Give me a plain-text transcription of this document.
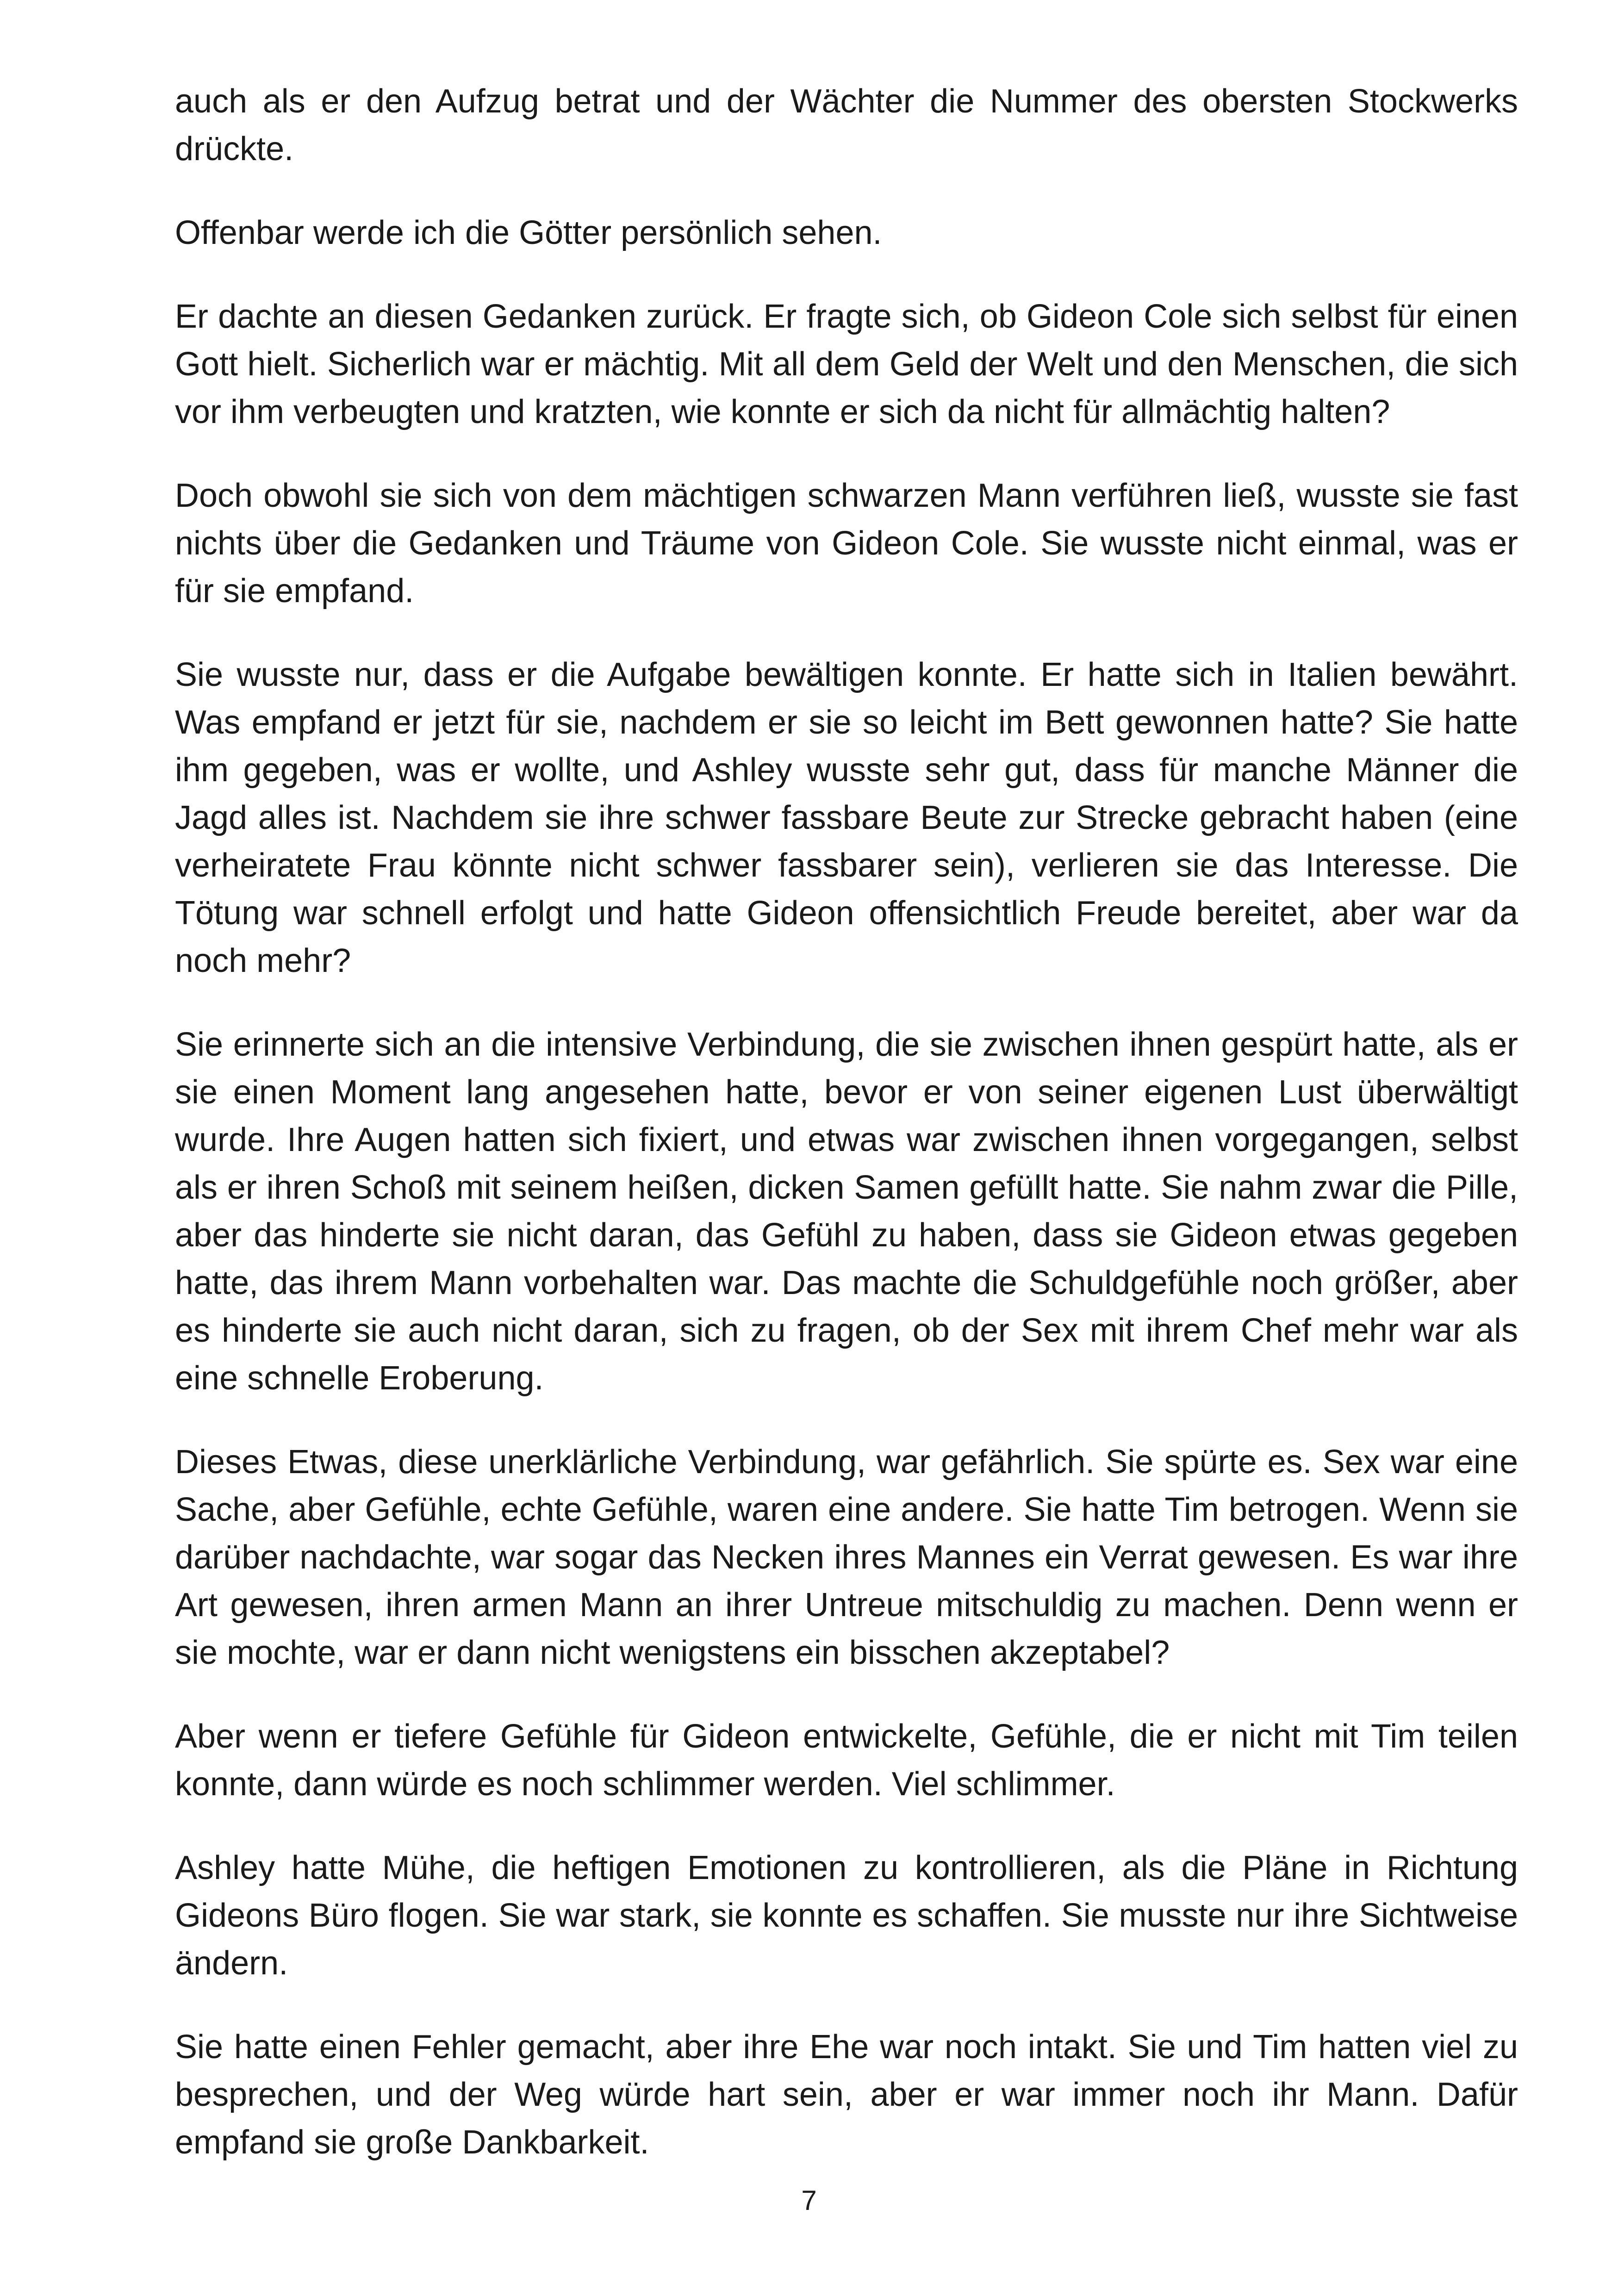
auch als er den Aufzug betrat und der Wächter die Nummer des obersten Stockwerks drückte.

Offenbar werde ich die Götter persönlich sehen.

Er dachte an diesen Gedanken zurück. Er fragte sich, ob Gideon Cole sich selbst für einen Gott hielt. Sicherlich war er mächtig. Mit all dem Geld der Welt und den Menschen, die sich vor ihm verbeugten und kratzten, wie konnte er sich da nicht für allmächtig halten?

Doch obwohl sie sich von dem mächtigen schwarzen Mann verführen ließ, wusste sie fast nichts über die Gedanken und Träume von Gideon Cole. Sie wusste nicht einmal, was er für sie empfand.

Sie wusste nur, dass er die Aufgabe bewältigen konnte. Er hatte sich in Italien bewährt. Was empfand er jetzt für sie, nachdem er sie so leicht im Bett gewonnen hatte? Sie hatte ihm gegeben, was er wollte, und Ashley wusste sehr gut, dass für manche Männer die Jagd alles ist. Nachdem sie ihre schwer fassbare Beute zur Strecke gebracht haben (eine verheiratete Frau könnte nicht schwer fassbarer sein), verlieren sie das Interesse. Die Tötung war schnell erfolgt und hatte Gideon offensichtlich Freude bereitet, aber war da noch mehr?

Sie erinnerte sich an die intensive Verbindung, die sie zwischen ihnen gespürt hatte, als er sie einen Moment lang angesehen hatte, bevor er von seiner eigenen Lust überwältigt wurde. Ihre Augen hatten sich fixiert, und etwas war zwischen ihnen vorgegangen, selbst als er ihren Schoß mit seinem heißen, dicken Samen gefüllt hatte. Sie nahm zwar die Pille, aber das hinderte sie nicht daran, das Gefühl zu haben, dass sie Gideon etwas gegeben hatte, das ihrem Mann vorbehalten war. Das machte die Schuldgefühle noch größer, aber es hinderte sie auch nicht daran, sich zu fragen, ob der Sex mit ihrem Chef mehr war als eine schnelle Eroberung.

Dieses Etwas, diese unerklärliche Verbindung, war gefährlich. Sie spürte es. Sex war eine Sache, aber Gefühle, echte Gefühle, waren eine andere. Sie hatte Tim betrogen. Wenn sie darüber nachdachte, war sogar das Necken ihres Mannes ein Verrat gewesen. Es war ihre Art gewesen, ihren armen Mann an ihrer Untreue mitschuldig zu machen. Denn wenn er sie mochte, war er dann nicht wenigstens ein bisschen akzeptabel?

Aber wenn er tiefere Gefühle für Gideon entwickelte, Gefühle, die er nicht mit Tim teilen konnte, dann würde es noch schlimmer werden. Viel schlimmer.

Ashley hatte Mühe, die heftigen Emotionen zu kontrollieren, als die Pläne in Richtung Gideons Büro flogen. Sie war stark, sie konnte es schaffen. Sie musste nur ihre Sichtweise ändern.

Sie hatte einen Fehler gemacht, aber ihre Ehe war noch intakt. Sie und Tim hatten viel zu besprechen, und der Weg würde hart sein, aber er war immer noch ihr Mann. Dafür empfand sie große Dankbarkeit.

7
